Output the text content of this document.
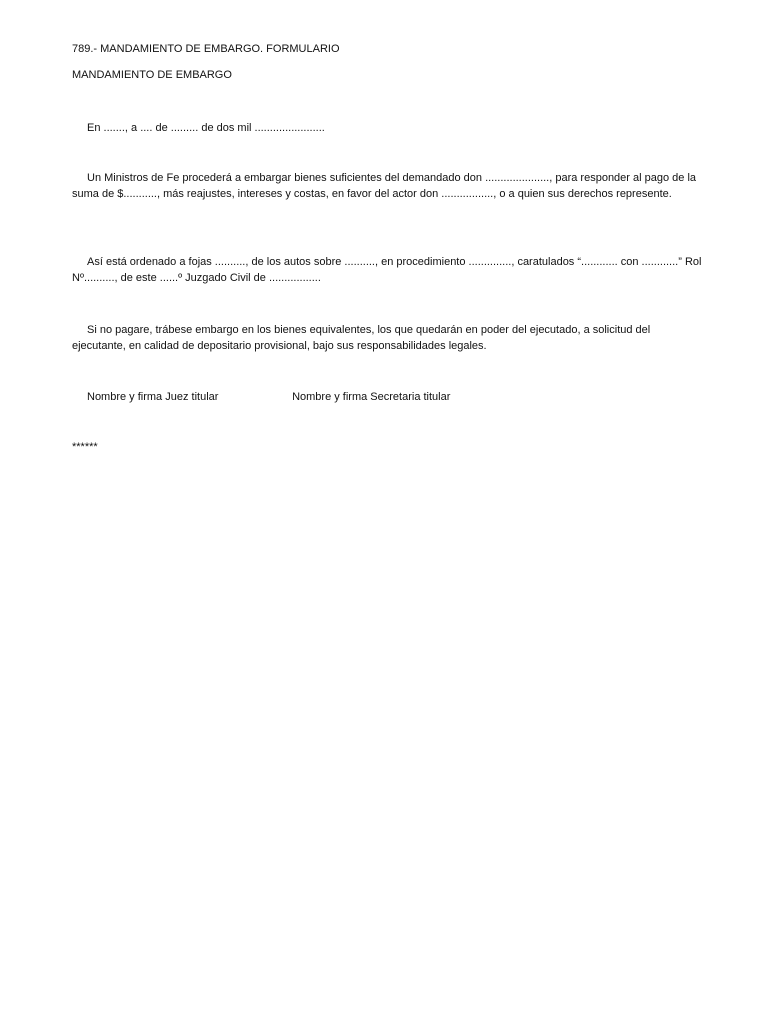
789.- MANDAMIENTO DE EMBARGO. FORMULARIO
MANDAMIENTO DE EMBARGO
En ......., a .... de ......... de dos mil .......................

Un Ministros de Fe procederá a embargar bienes suficientes del demandado don ....................., para responder al pago de la suma de $..........., más reajustes, intereses y costas, en favor del actor don ................., o a quien sus derechos represente.

Así está ordenado a fojas .........., de los autos sobre .........., en procedimiento .............., caratulados “............ con ............” Rol Nº.........., de este ......º Juzgado Civil de .................

Si no pagare, trábese embargo en los bienes equivalentes, los que quedarán en poder del ejecutado, a solicitud del ejecutante, en calidad de depositario provisional, bajo sus responsabilidades legales.

Nombre y firma Juez titular	Nombre y firma Secretaria titular
******
